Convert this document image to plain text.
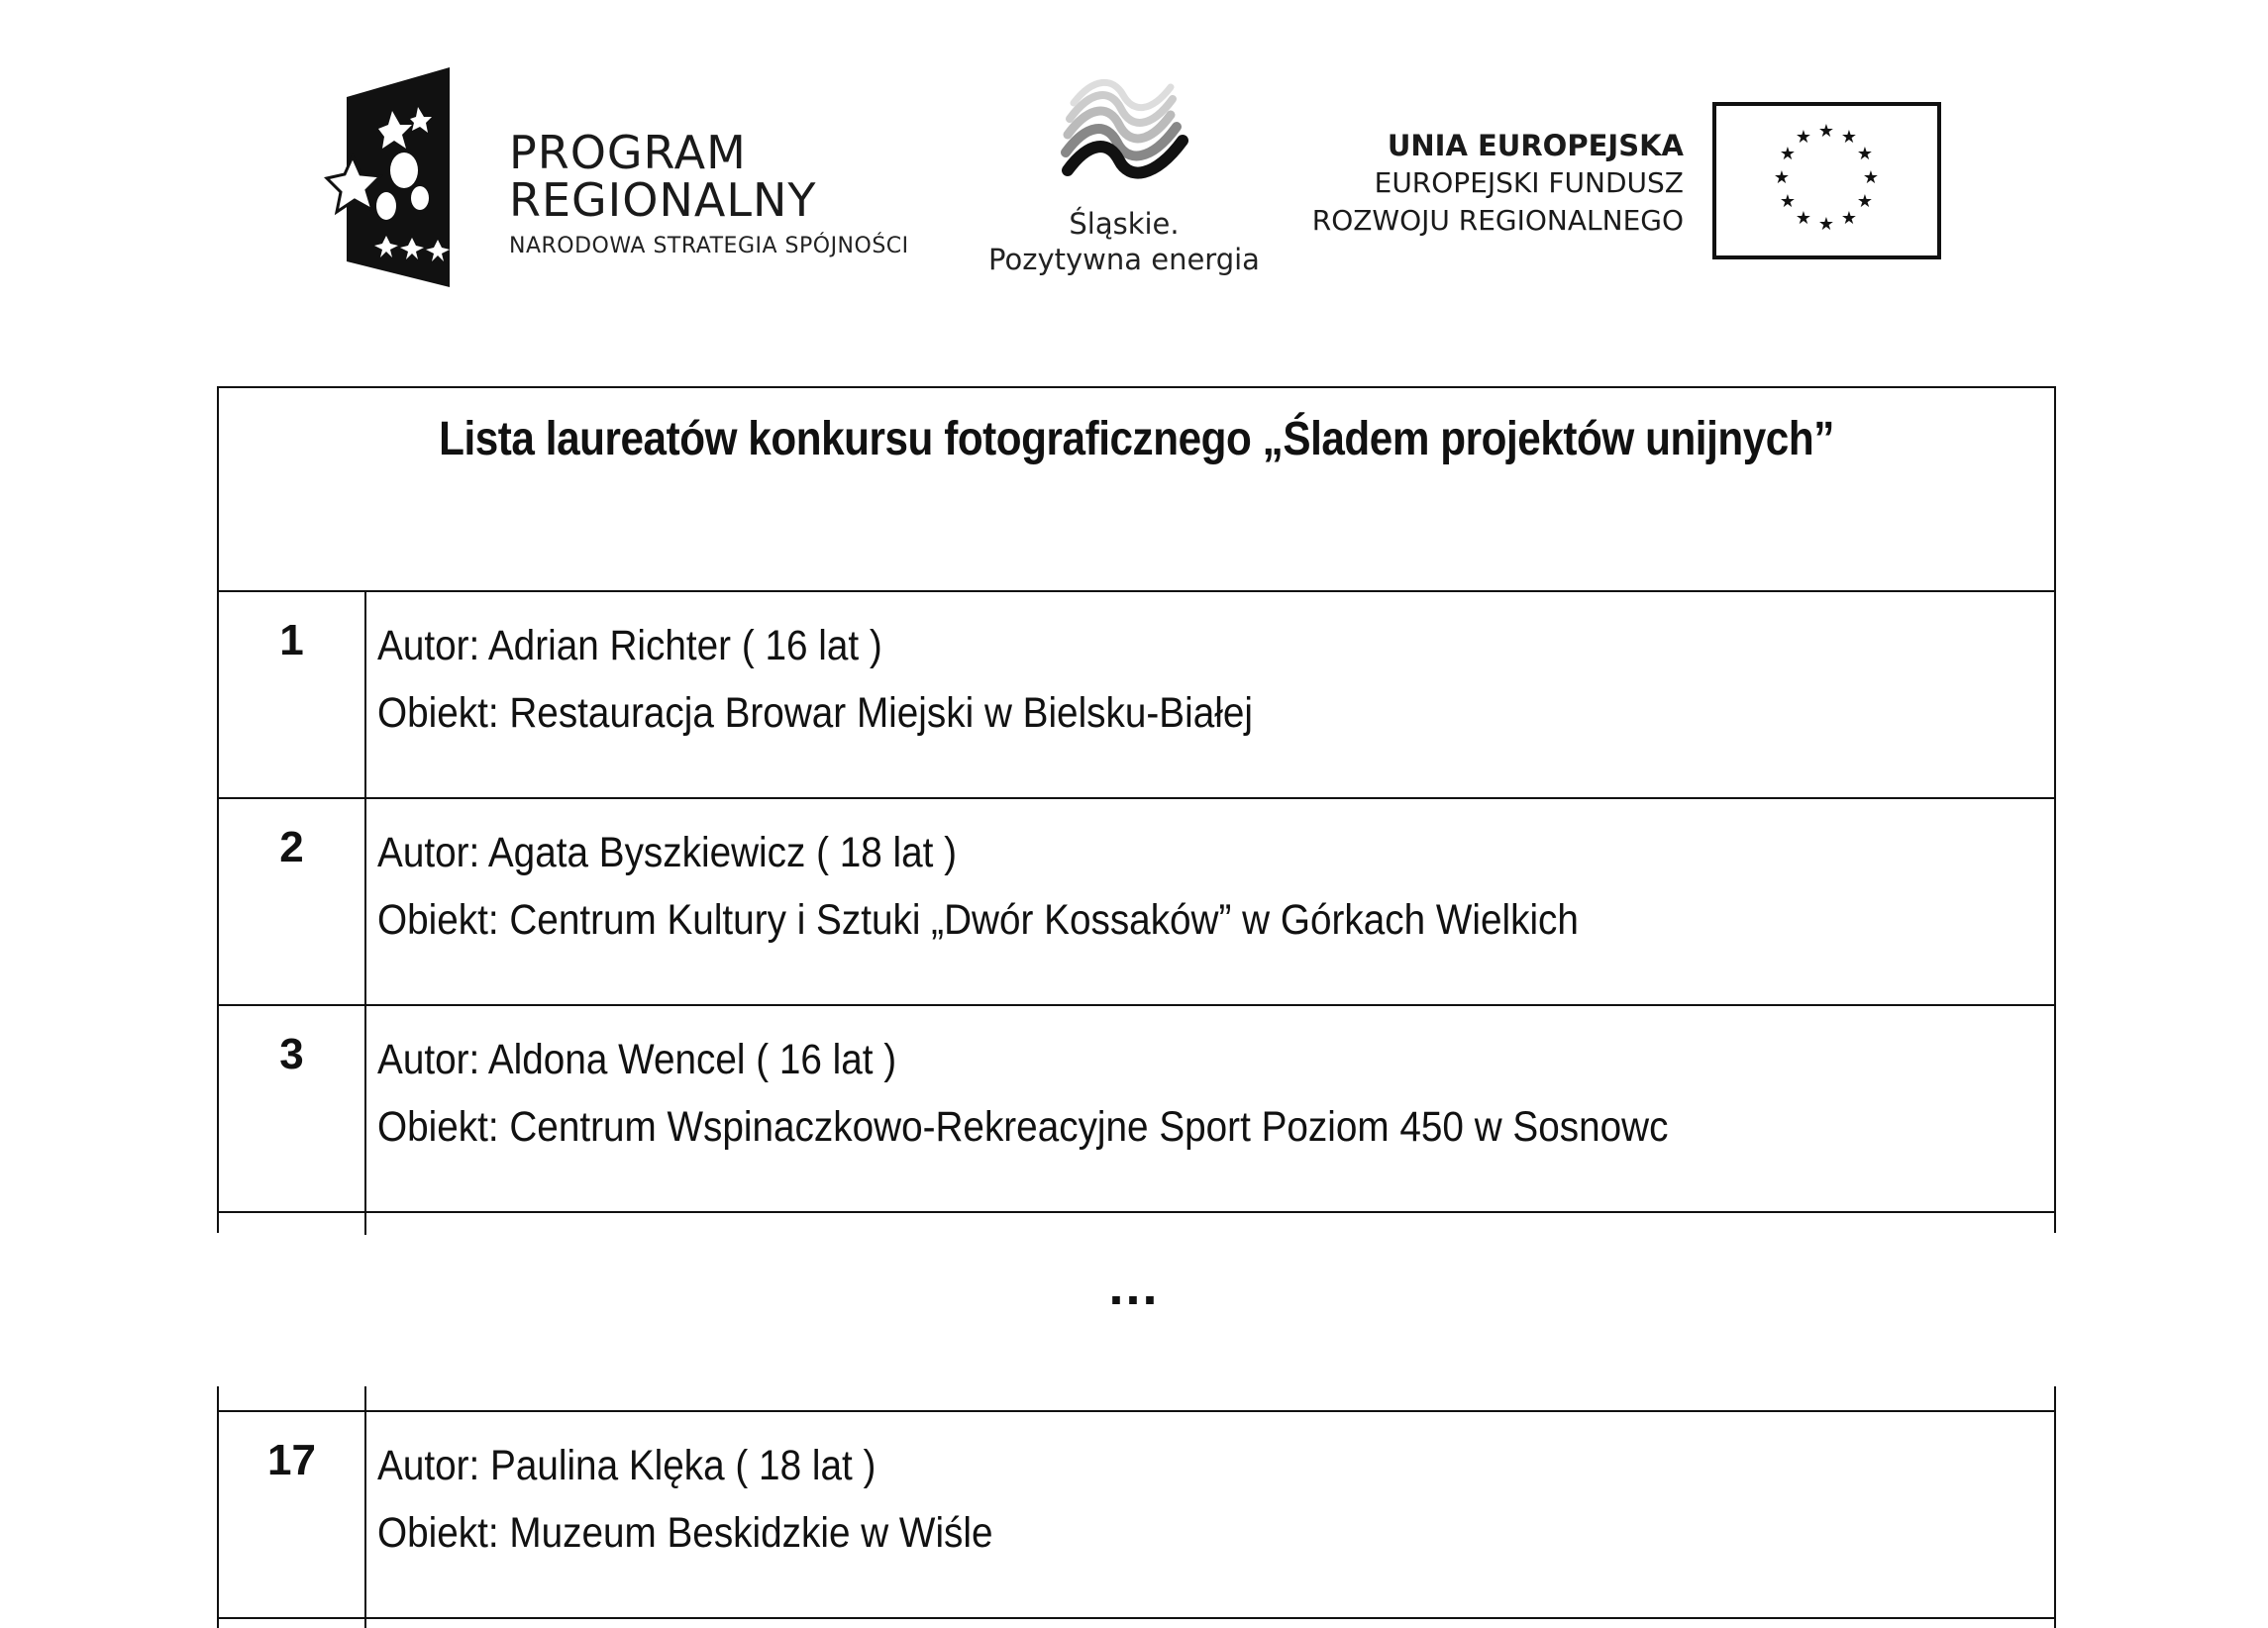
PROGRAM
REGIONALNY
NARODOWA STRATEGIA SPÓJNOŚCI
Śląskie.
Pozytywna energia
UNIA EUROPEJSKA
EUROPEJSKI FUNDUSZ
ROZWOJU REGIONALNEGO
★ ★
★
★
★
★
★
★
★
★
★
★
Lista laureatów konkursu fotograficznego „Śladem projektów unijnych”
1	Autor: Adrian Richter ( 16 lat )
Obiekt: Restauracja Browar Miejski w Bielsku-Białej
2	Autor: Agata Byszkiewicz ( 18 lat )
Obiekt: Centrum Kultury i Sztuki „Dwór Kossaków” w Górkach Wielkich
3	Autor: Aldona Wencel ( 16 lat )
Obiekt: Centrum Wspinaczkowo-Rekreacyjne Sport Poziom 450 w Sosnowc
...
17	Autor: Paulina Klęka ( 18 lat )
Obiekt: Muzeum Beskidzkie w Wiśle
